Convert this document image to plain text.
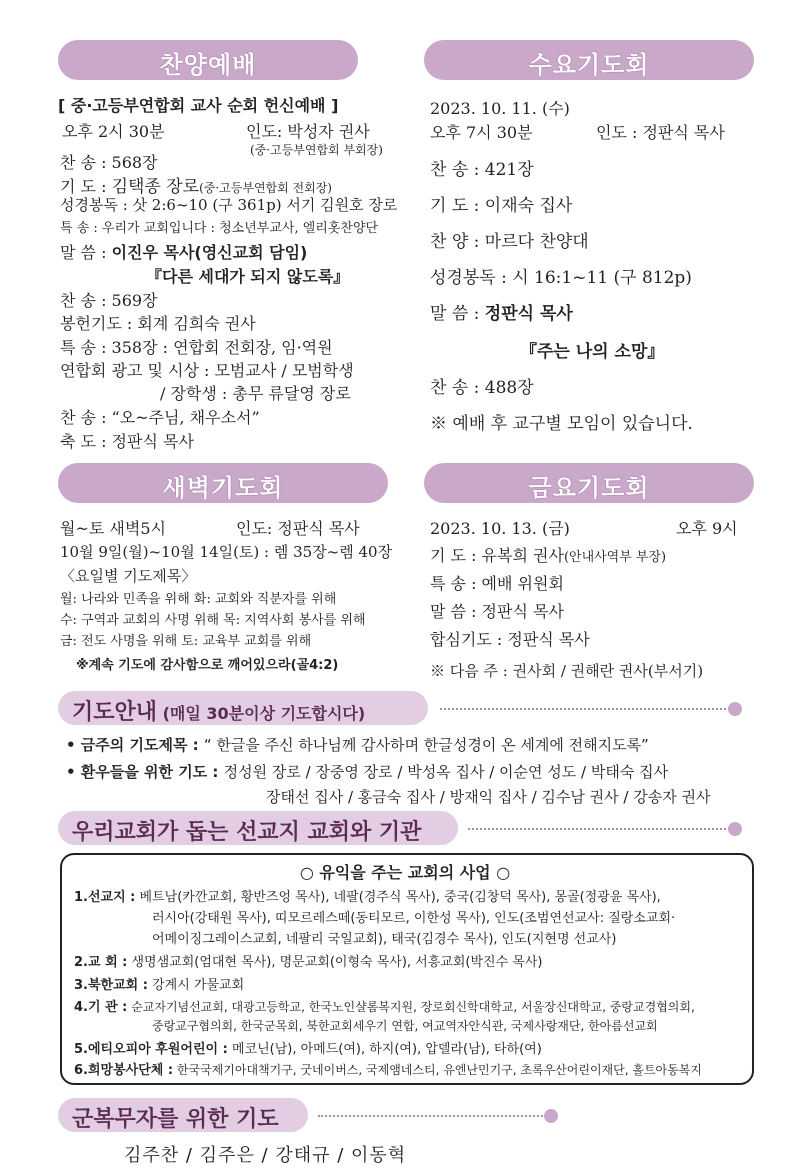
찬양예배
[ 중·고등부연합회 교사 순회 헌신예배 ]
오후 2시 30분	인도: 박성자 권사
(중·고등부연합회 부회장)
찬 송 : 568장
기 도 : 김택종 장로(중·고등부연합회 전회장)
성경봉독 : 삿 2:6~10 (구 361p) 서기 김원호 장로
특 송 : 우리가 교회입니다 : 청소년부교사, 엘리홋찬양단
말 씀 : 이진우 목사(영신교회 담임)
『다른 세대가 되지 않도록』
찬 송 : 569장
봉헌기도 : 회계 김희숙 권사
특 송 : 358장 : 연합회 전회장, 임·역원
연합회 광고 및 시상 : 모범교사 / 모범학생
/ 장학생 : 총무 류달영 장로
찬 송 : “오~주님, 채우소서”
축 도 : 정판식 목사
수요기도회
2023. 10. 11. (수)
오후 7시 30분	인도 : 정판식 목사
찬 송 : 421장
기 도 : 이재숙 집사
찬 양 : 마르다 찬양대
성경봉독 : 시 16:1~11 (구 812p)
말 씀 : 정판식 목사
『주는 나의 소망』
찬 송 : 488장
※ 예배 후 교구별 모임이 있습니다.
새벽기도회
월~토 새벽5시	인도: 정판식 목사
10월 9일(월)~10월 14일(토) : 렘 35장~렘 40장
〈요일별 기도제목〉
월: 나라와 민족을 위해 화: 교회와 직분자를 위해
수: 구역과 교회의 사명 위해 목: 지역사회 봉사를 위해
금: 전도 사명을 위해 토: 교육부 교회를 위해
※계속 기도에 감사함으로 깨어있으라(골4:2)
금요기도회
2023. 10. 13. (금)	오후 9시
기 도 : 유복희 권사(안내사역부 부장)
특 송 : 예배 위원회
말 씀 : 정판식 목사
합심기도 : 정판식 목사
※ 다음 주 : 권사회 / 권해란 권사(부서기)
기도안내 (매일 30분이상 기도합시다)
• 금주의 기도제목 : “ 한글을 주신 하나님께 감사하며 한글성경이 온 세계에 전해지도록”
• 환우들을 위한 기도 : 정성원 장로 / 장중영 장로 / 박성옥 집사 / 이순연 성도 / 박태숙 집사
장태선 집사 / 홍금숙 집사 / 방재익 집사 / 김수남 권사 / 강송자 권사
우리교회가 돕는 선교지 교회와 기관
○ 유익을 주는 교회의 사업 ○
1.선교지 : 베트남(카깐교회, 황반즈엉 목사), 네팔(경주식 목사), 중국(김창덕 목사), 몽골(정광윤 목사),
러시아(강태원 목사), 띠모르레스떼(동티모르, 이한성 목사), 인도(조범연선교사: 질랑소교회·
어메이징그레이스교회, 네팔리 국일교회), 태국(김경수 목사), 인도(지현명 선교사)
2.교 회 : 생명샘교회(엄대현 목사), 명문교회(이형숙 목사), 서흥교회(박진수 목사)
3.북한교회 : 강계시 가물교회
4.기 관 : 순교자기념선교회, 대광고등학교, 한국노인샬롬복지원, 장로회신학대학교, 서울장신대학교, 중랑교경협의회,
중랑교구협의회, 한국군목회, 북한교회세우기 연합, 여교역자안식관, 국제사랑재단, 한아름선교회
5.에티오피아 후원어린이 : 메코닌(남), 아메드(여), 하지(여), 압델라(남), 타하(여)
6.희망봉사단체 : 한국국제기아대책기구, 굿네이버스, 국제앰네스티, 유엔난민기구, 초록우산어린이재단, 홀트아동복지
군복무자를 위한 기도
김주찬 / 김주은 / 강태규 / 이동혁
